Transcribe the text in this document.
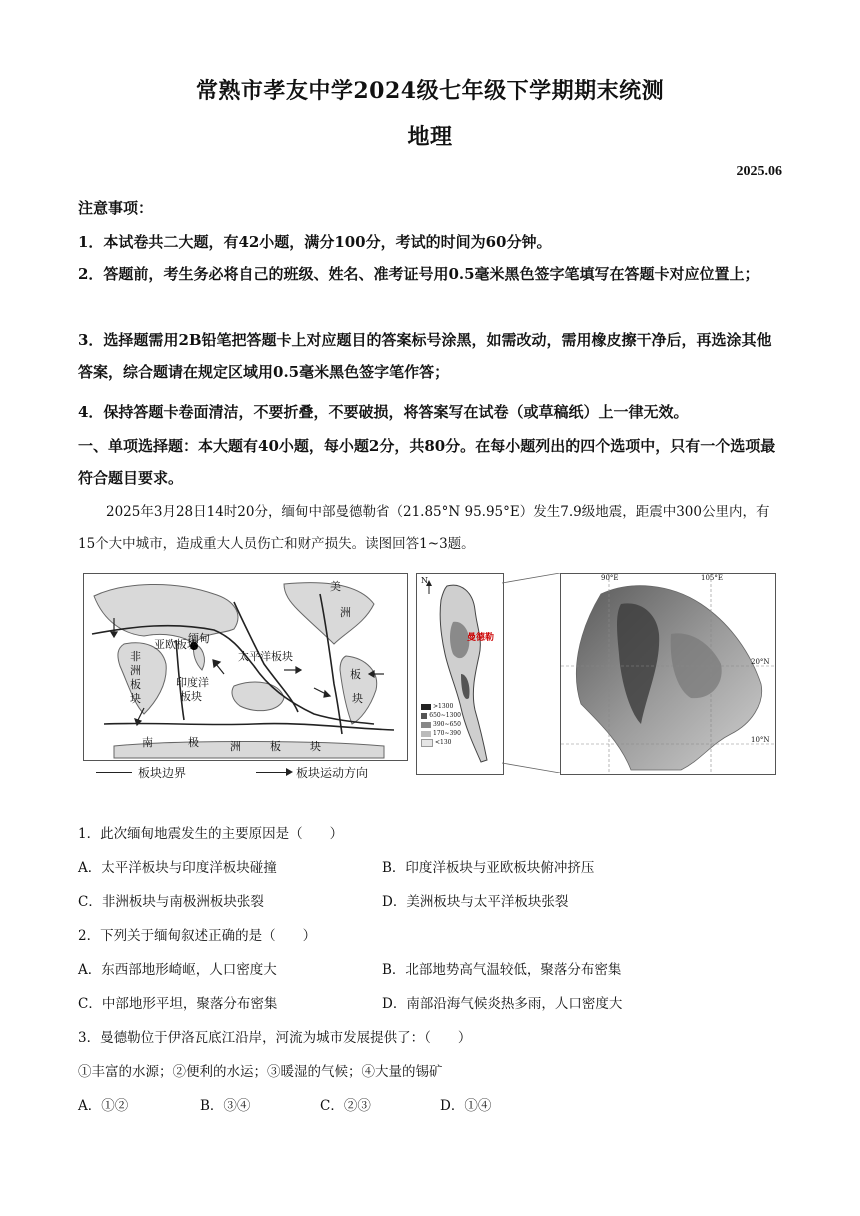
常熟市孝友中学2024级七年级下学期期末统测
地理
2025.06
注意事项：
1．本试卷共二大题，有42小题，满分100分，考试的时间为60分钟。
2．答题前，考生务必将自己的班级、姓名、准考证号用0.5毫米黑色签字笔填写在答题卡对应位置上；
3．选择题需用2B铅笔把答题卡上对应题目的答案标号涂黑，如需改动，需用橡皮擦干净后，再选涂其他答案，综合题请在规定区域用0.5毫米黑色签字笔作答；
4．保持答题卡卷面清洁，不要折叠，不要破损，将答案写在试卷（或草稿纸）上一律无效。
一、单项选择题：本大题有40小题，每小题2分，共80分。在每小题列出的四个选项中，只有一个选项最符合题目要求。
2025年3月28日14时20分，缅甸中部曼德勒省（21.85°N 95.95°E）发生7.9级地震，距震中300公里内，有15个大中城市，造成重大人员伤亡和财产损失。读图回答1~3题。
亚欧板块
缅甸
美
洲
非
洲
板
块
印度洋
板块
太平洋板块
板
块
南	极	洲	板	块
板块边界	板块运动方向
N
曼德勒
>1300
650~1300
390~650
170~390
<130
90°E	105°E
20°N
10°N
1．此次缅甸地震发生的主要原因是（　　）
A．太平洋板块与印度洋板块碰撞	B．印度洋板块与亚欧板块俯冲挤压
C．非洲板块与南极洲板块张裂	D．美洲板块与太平洋板块张裂
2．下列关于缅甸叙述正确的是（　　）
A．东西部地形崎岖，人口密度大	B．北部地势高气温较低，聚落分布密集
C．中部地形平坦，聚落分布密集	D．南部沿海气候炎热多雨，人口密度大
3．曼德勒位于伊洛瓦底江沿岸，河流为城市发展提供了：（　　）
①丰富的水源；②便利的水运；③暖湿的气候；④大量的锡矿
A．①②	B．③④	C．②③	D．①④
